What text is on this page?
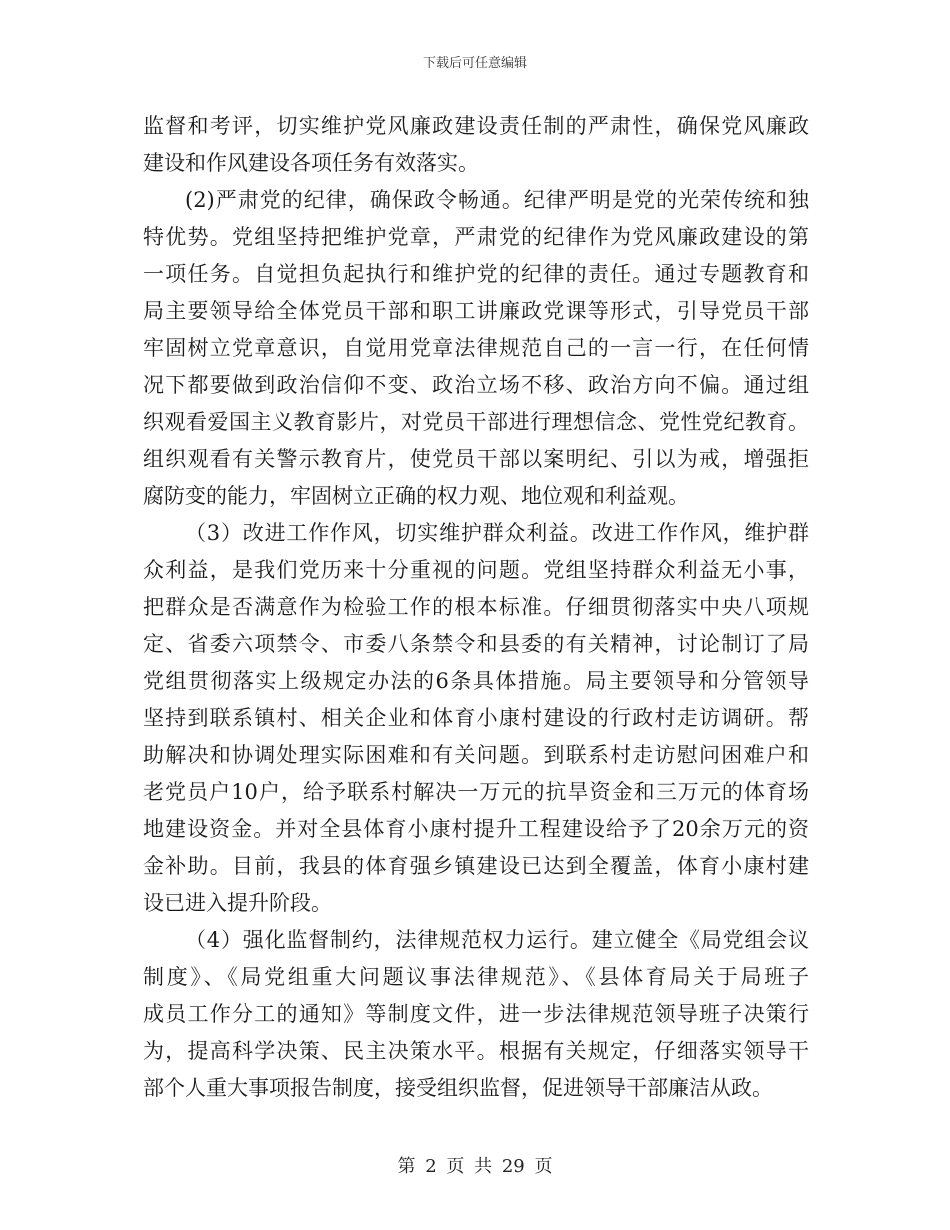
下载后可任意编辑
监督和考评，切实维护党风廉政建设责任制的严肃性，确保党风廉政
建设和作风建设各项任务有效落实。
(2)严肃党的纪律，确保政令畅通。纪律严明是党的光荣传统和独
特优势。党组坚持把维护党章，严肃党的纪律作为党风廉政建设的第
一项任务。自觉担负起执行和维护党的纪律的责任。通过专题教育和
局主要领导给全体党员干部和职工讲廉政党课等形式，引导党员干部
牢固树立党章意识，自觉用党章法律规范自己的一言一行，在任何情
况下都要做到政治信仰不变、政治立场不移、政治方向不偏。通过组
织观看爱国主义教育影片，对党员干部进行理想信念、党性党纪教育。
组织观看有关警示教育片，使党员干部以案明纪、引以为戒，增强拒
腐防变的能力，牢固树立正确的权力观、地位观和利益观。
（3）改进工作作风，切实维护群众利益。改进工作作风，维护群
众利益，是我们党历来十分重视的问题。党组坚持群众利益无小事，
把群众是否满意作为检验工作的根本标准。仔细贯彻落实中央八项规
定、省委六项禁令、市委八条禁令和县委的有关精神，讨论制订了局
党组贯彻落实上级规定办法的6条具体措施。局主要领导和分管领导
坚持到联系镇村、相关企业和体育小康村建设的行政村走访调研。帮
助解决和协调处理实际困难和有关问题。到联系村走访慰问困难户和
老党员户10户，给予联系村解决一万元的抗旱资金和三万元的体育场
地建设资金。并对全县体育小康村提升工程建设给予了20余万元的资
金补助。目前，我县的体育强乡镇建设已达到全覆盖，体育小康村建
设已进入提升阶段。
（4）强化监督制约，法律规范权力运行。建立健全《局党组会议
制度》、《局党组重大问题议事法律规范》、《县体育局关于局班子
成员工作分工的通知》等制度文件，进一步法律规范领导班子决策行
为，提高科学决策、民主决策水平。根据有关规定，仔细落实领导干
部个人重大事项报告制度，接受组织监督，促进领导干部廉洁从政。
第 2 页 共 29 页
